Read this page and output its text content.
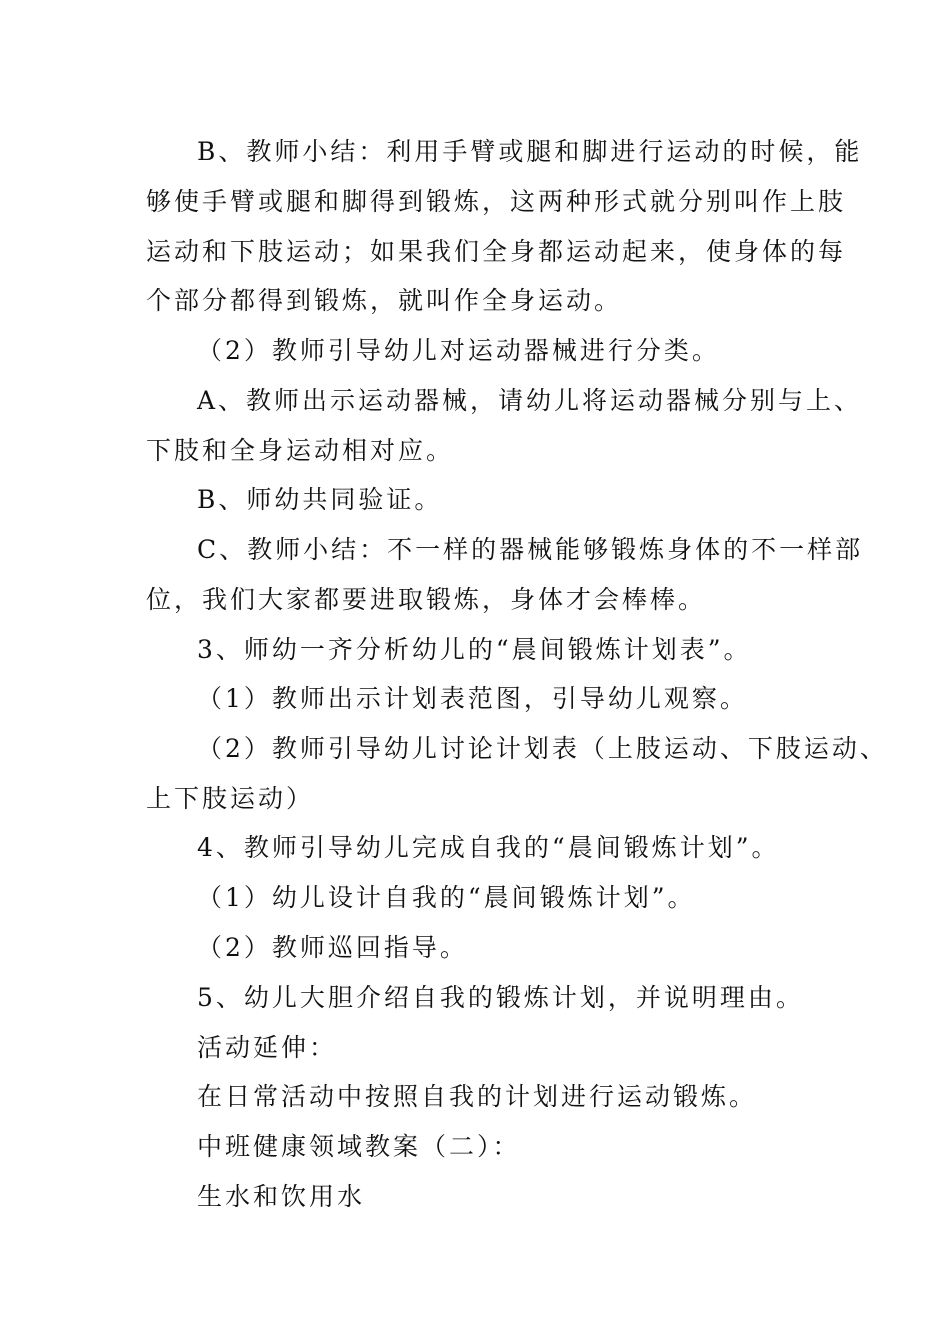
B、教师小结：利用手臂或腿和脚进行运动的时候，能

够使手臂或腿和脚得到锻炼，这两种形式就分别叫作上肢

运动和下肢运动；如果我们全身都运动起来，使身体的每

个部分都得到锻炼，就叫作全身运动。

（2）教师引导幼儿对运动器械进行分类。

A、教师出示运动器械，请幼儿将运动器械分别与上、

下肢和全身运动相对应。

B、师幼共同验证。

C、教师小结：不一样的器械能够锻炼身体的不一样部

位，我们大家都要进取锻炼，身体才会棒棒。

3、师幼一齐分析幼儿的“晨间锻炼计划表”。

（1）教师出示计划表范图，引导幼儿观察。

（2）教师引导幼儿讨论计划表（上肢运动、下肢运动、

上下肢运动）

4、教师引导幼儿完成自我的“晨间锻炼计划”。

（1）幼儿设计自我的“晨间锻炼计划”。

（2）教师巡回指导。

5、幼儿大胆介绍自我的锻炼计划，并说明理由。

活动延伸：

在日常活动中按照自我的计划进行运动锻炼。

中班健康领域教案（二）：

生水和饮用水
